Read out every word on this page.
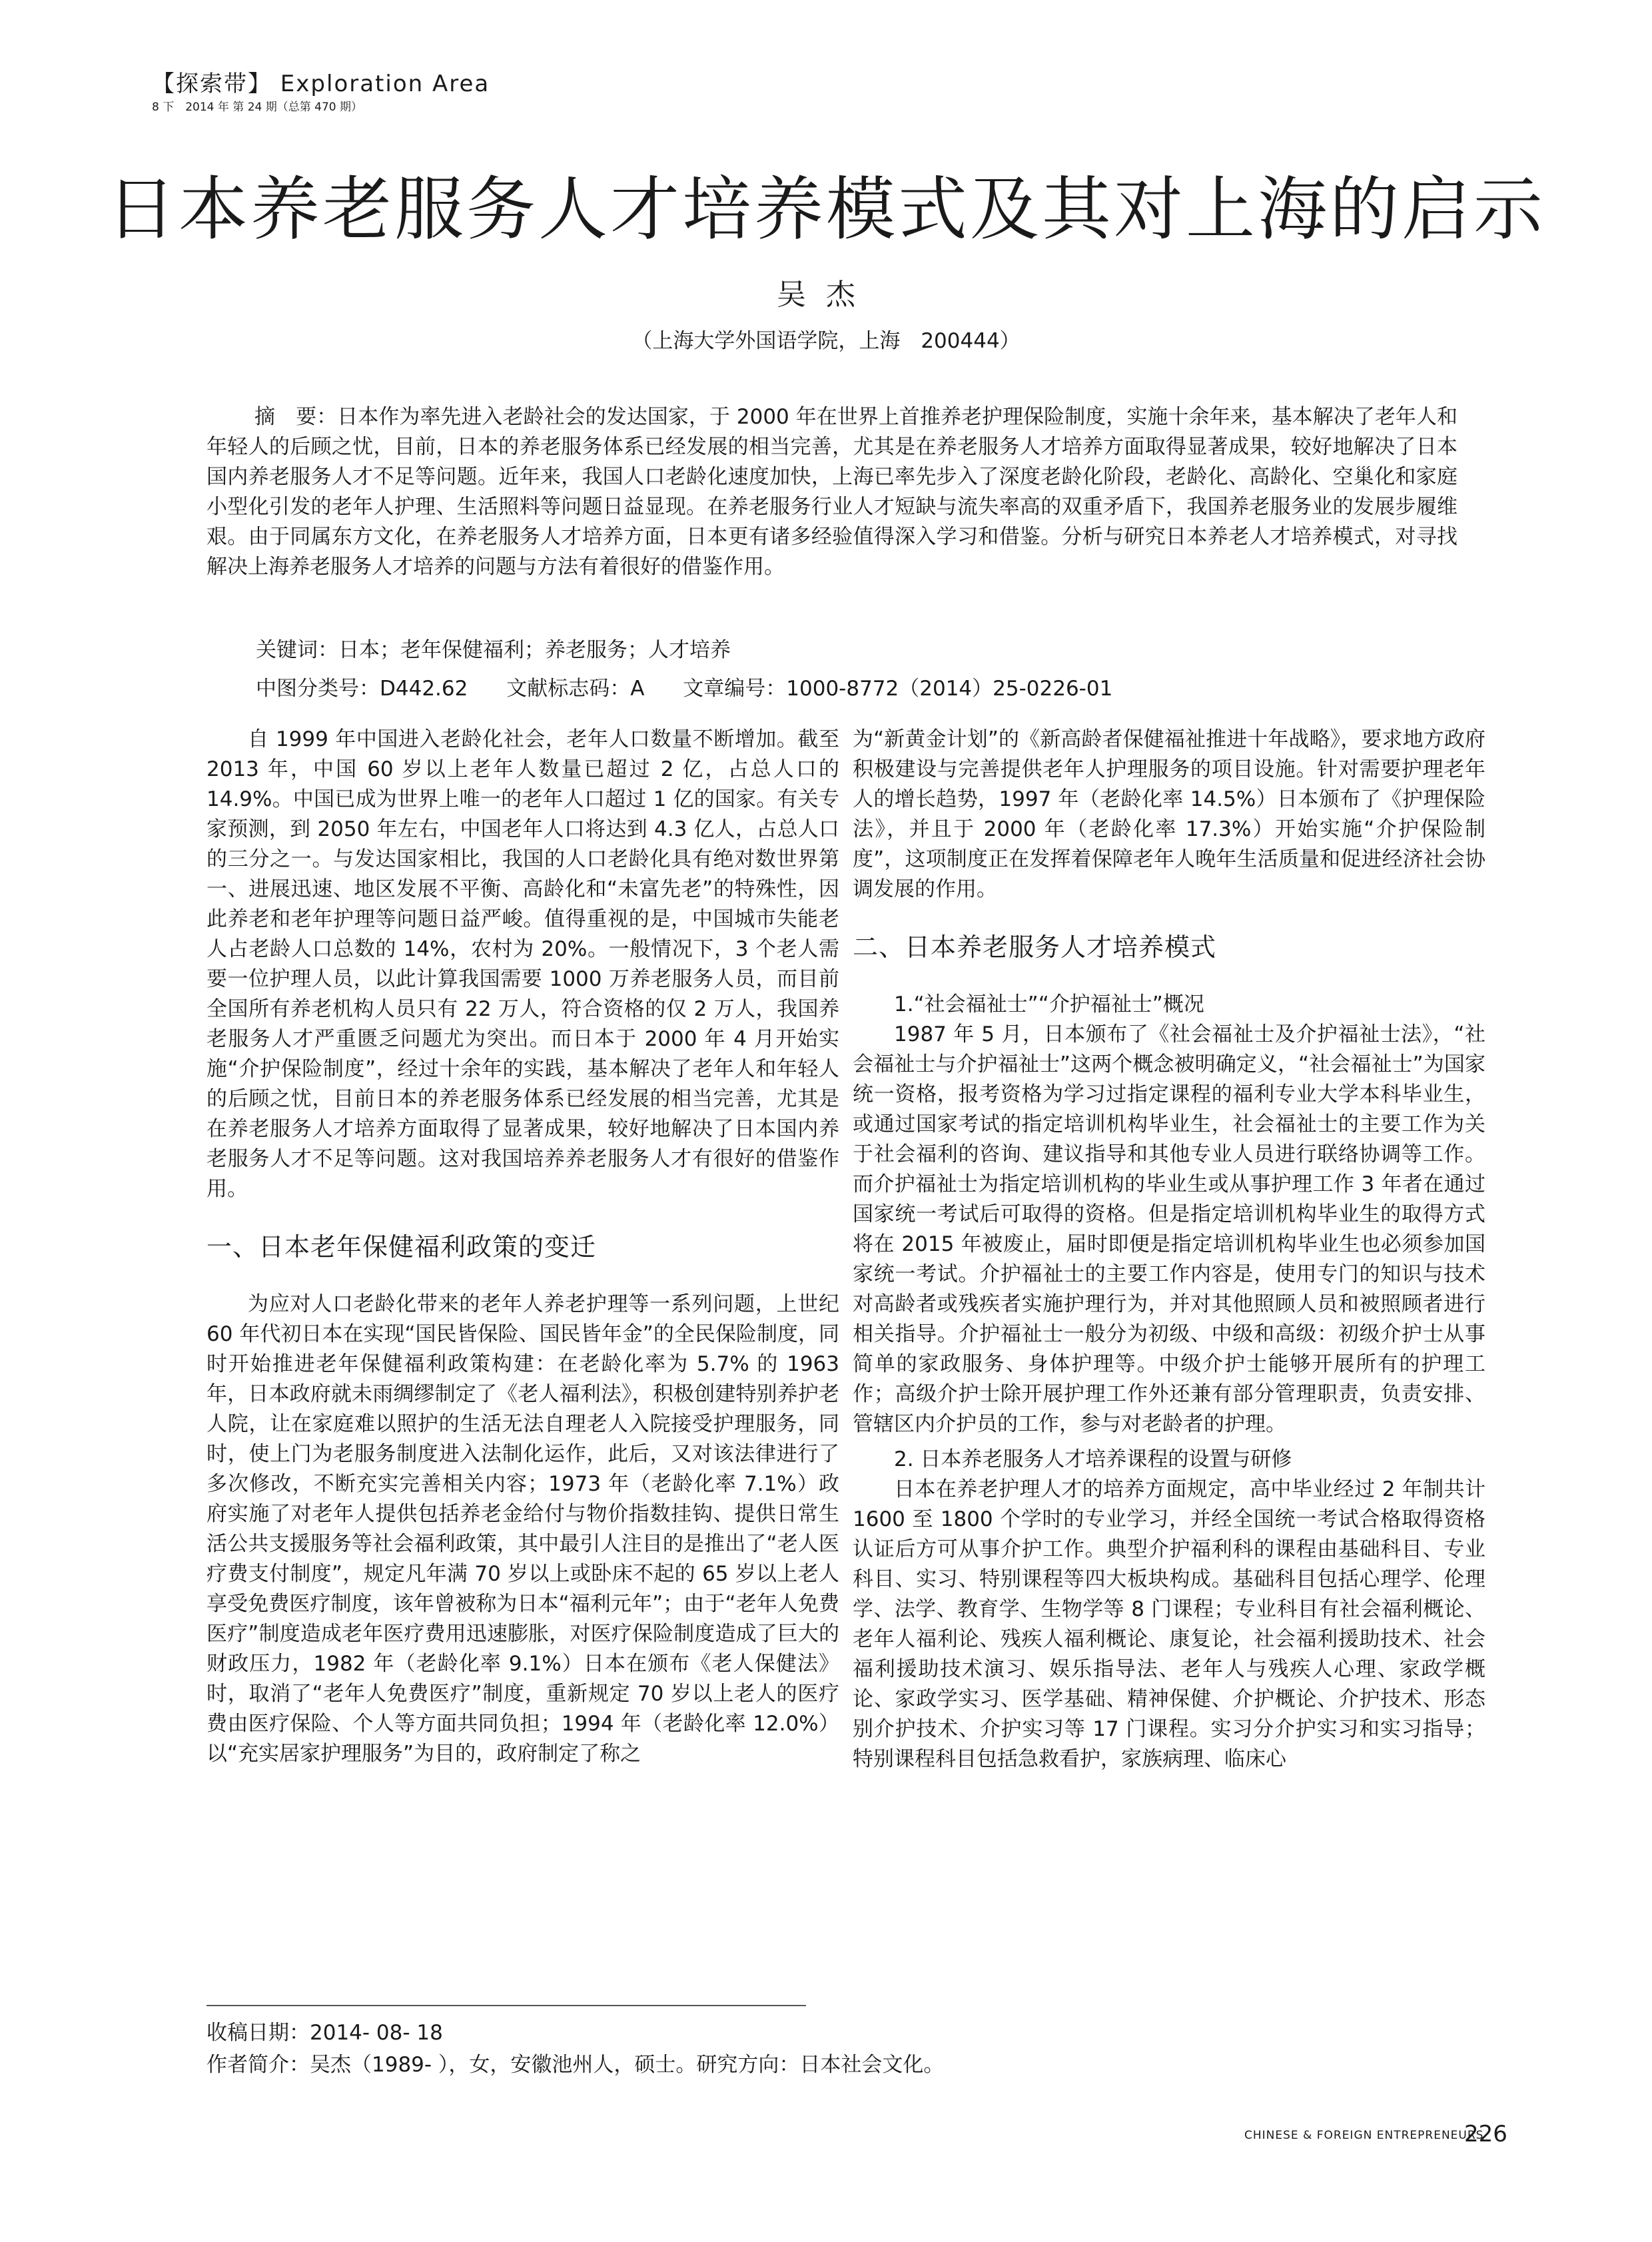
【探索带】 Exploration Area
8 下　2014 年 第 24 期（总第 470 期）
日本养老服务人才培养模式及其对上海的启示
吴杰
（上海大学外国语学院，上海　200444）
摘　要：日本作为率先进入老龄社会的发达国家，于 2000 年在世界上首推养老护理保险制度，实施十余年来，基本解决了老年人和年轻人的后顾之忧，目前，日本的养老服务体系已经发展的相当完善，尤其是在养老服务人才培养方面取得显著成果，较好地解决了日本国内养老服务人才不足等问题。近年来，我国人口老龄化速度加快，上海已率先步入了深度老龄化阶段，老龄化、高龄化、空巢化和家庭小型化引发的老年人护理、生活照料等问题日益显现。在养老服务行业人才短缺与流失率高的双重矛盾下，我国养老服务业的发展步履维艰。由于同属东方文化，在养老服务人才培养方面，日本更有诸多经验值得深入学习和借鉴。分析与研究日本养老人才培养模式，对寻找解决上海养老服务人才培养的问题与方法有着很好的借鉴作用。
关键词：日本；老年保健福利；养老服务；人才培养
中图分类号：D442.62 文献标志码：A 文章编号：1000-8772（2014）25-0226-01

自 1999 年中国进入老龄化社会，老年人口数量不断增加。截至 2013 年，中国 60 岁以上老年人数量已超过 2 亿，占总人口的 14.9%。中国已成为世界上唯一的老年人口超过 1 亿的国家。有关专家预测，到 2050 年左右，中国老年人口将达到 4.3 亿人，占总人口的三分之一。与发达国家相比，我国的人口老龄化具有绝对数世界第一、进展迅速、地区发展不平衡、高龄化和“未富先老”的特殊性，因此养老和老年护理等问题日益严峻。值得重视的是，中国城市失能老人占老龄人口总数的 14%，农村为 20%。一般情况下，3 个老人需要一位护理人员，以此计算我国需要 1000 万养老服务人员，而目前全国所有养老机构人员只有 22 万人，符合资格的仅 2 万人，我国养老服务人才严重匮乏问题尤为突出。而日本于 2000 年 4 月开始实施“介护保险制度”，经过十余年的实践，基本解决了老年人和年轻人的后顾之忧，目前日本的养老服务体系已经发展的相当完善，尤其是在养老服务人才培养方面取得了显著成果，较好地解决了日本国内养老服务人才不足等问题。这对我国培养养老服务人才有很好的借鉴作用。

一、日本老年保健福利政策的变迁

为应对人口老龄化带来的老年人养老护理等一系列问题，上世纪 60 年代初日本在实现“国民皆保险、国民皆年金”的全民保险制度，同时开始推进老年保健福利政策构建：在老龄化率为 5.7% 的 1963 年，日本政府就未雨绸缪制定了《老人福利法》，积极创建特别养护老人院，让在家庭难以照护的生活无法自理老人入院接受护理服务，同时，使上门为老服务制度进入法制化运作，此后，又对该法律进行了多次修改，不断充实完善相关内容；1973 年（老龄化率 7.1%）政府实施了对老年人提供包括养老金给付与物价指数挂钩、提供日常生活公共支援服务等社会福利政策，其中最引人注目的是推出了“老人医疗费支付制度”，规定凡年满 70 岁以上或卧床不起的 65 岁以上老人享受免费医疗制度，该年曾被称为日本“福利元年”；由于“老年人免费医疗”制度造成老年医疗费用迅速膨胀，对医疗保险制度造成了巨大的财政压力，1982 年（老龄化率 9.1%）日本在颁布《老人保健法》时，取消了“老年人免费医疗”制度，重新规定 70 岁以上老人的医疗费由医疗保险、个人等方面共同负担；1994 年（老龄化率 12.0%）以“充实居家护理服务”为目的，政府制定了称之

为“新黄金计划”的《新高龄者保健福祉推进十年战略》，要求地方政府积极建设与完善提供老年人护理服务的项目设施。针对需要护理老年人的增长趋势，1997 年（老龄化率 14.5%）日本颁布了《护理保险法》，并且于 2000 年（老龄化率 17.3%）开始实施“介护保险制度”，这项制度正在发挥着保障老年人晚年生活质量和促进经济社会协调发展的作用。

二、日本养老服务人才培养模式
1.“社会福祉士”“介护福祉士”概况

1987 年 5 月，日本颁布了《社会福祉士及介护福祉士法》，“社会福祉士与介护福祉士”这两个概念被明确定义，“社会福祉士”为国家统一资格，报考资格为学习过指定课程的福利专业大学本科毕业生，或通过国家考试的指定培训机构毕业生，社会福祉士的主要工作为关于社会福利的咨询、建议指导和其他专业人员进行联络协调等工作。而介护福祉士为指定培训机构的毕业生或从事护理工作 3 年者在通过国家统一考试后可取得的资格。但是指定培训机构毕业生的取得方式将在 2015 年被废止，届时即便是指定培训机构毕业生也必须参加国家统一考试。介护福祉士的主要工作内容是，使用专门的知识与技术对高龄者或残疾者实施护理行为，并对其他照顾人员和被照顾者进行相关指导。介护福祉士一般分为初级、中级和高级：初级介护士从事简单的家政服务、身体护理等。中级介护士能够开展所有的护理工作；高级介护士除开展护理工作外还兼有部分管理职责，负责安排、管辖区内介护员的工作，参与对老龄者的护理。

2. 日本养老服务人才培养课程的设置与研修

日本在养老护理人才的培养方面规定，高中毕业经过 2 年制共计 1600 至 1800 个学时的专业学习，并经全国统一考试合格取得资格认证后方可从事介护工作。典型介护福利科的课程由基础科目、专业科目、实习、特别课程等四大板块构成。基础科目包括心理学、伦理学、法学、教育学、生物学等 8 门课程；专业科目有社会福利概论、老年人福利论、残疾人福利概论、康复论，社会福利援助技术、社会福利援助技术演习、娱乐指导法、老年人与残疾人心理、家政学概论、家政学实习、医学基础、精神保健、介护概论、介护技术、形态别介护技术、介护实习等 17 门课程。实习分介护实习和实习指导；特别课程科目包括急救看护，家族病理、临床心

收稿日期：2014- 08- 18
作者简介：吴杰（1989- ），女，安徽池州人，硕士。研究方向：日本社会文化。
CHINESE & FOREIGN ENTREPRENEURS
226
